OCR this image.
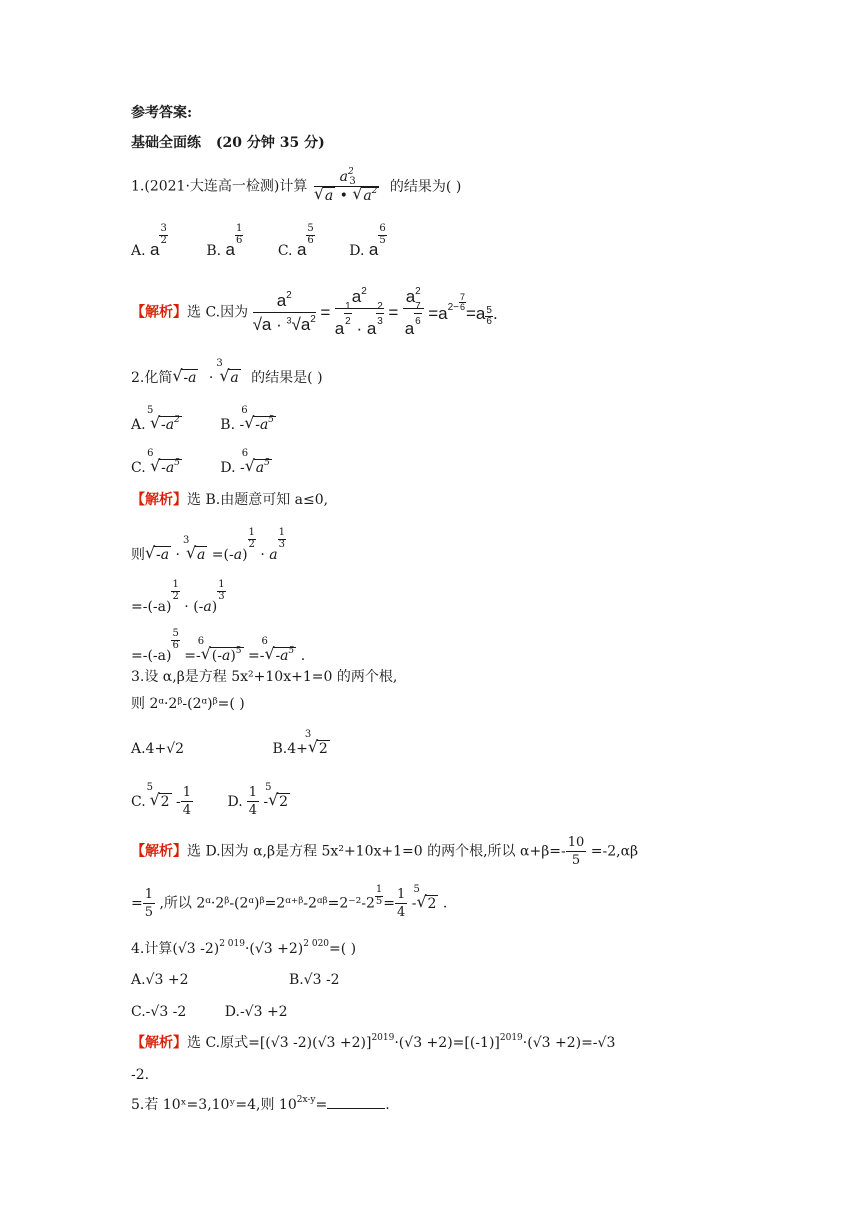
参考答案:
基础全面练 (20 分钟 35 分)
1.(2021·大连高一检测)计算 $a^2$
√ a •
3
√ $a^2$ 的结果为( )
A. a
$\frac{3}{2}$
B. a
$\frac{1}{6}$
C. a
$\frac{5}{6}$
D. a
$\frac{6}{5}$
【解析】选 C.因为 $\frac{a2}{√a \cdot ^3√a2} = a2$
a
$\frac{1}{2}$
· a
$\frac{2}{3} = a2$
a
$\frac{7}{6} =a2- \frac{7}{6}$
$=a \frac{5}{6}$ .
2.化简 √ -a ·
3
√ a 的结果是( )
A.
5
√ $-a^2$	B. -
6
√ $-a^5$
C.
6
√ $-a^5$	D. -
6
√ $a^5$
【解析】选 B.由题意可知 a≤0,
则 √ -a ·
3
√ a =(-a)
$\frac{1}{2}$
· a
$\frac{1}{3}$
=-(-a)
$\frac{1}{2}$
· (-a)
$\frac{1}{3}$
=-(-a)
$\frac{5}{6}$
=-
6
√ $(-a)^5$ =-
6
√ $-a^5$ .
3.设 α,β是方程 5x²+10x+1=0 的两个根,
则 2ᵅ·2ᵝ-(2ᵅ)ᵝ=( )
A.4+√2	B.4+
3
√ 2
C.
5
√ $2 - \frac{1}{4} D$. $\frac{1}{4}$ -
5
√ 2
【解析】选 D.因为 α,β是方程 5x²+10x+1=0 的两个根,所以 $\alpha+\beta=- \frac{10}{5} =-2,\alpha\beta$
= $\frac{1}{5}$ ,所以 2ᵅ·2ᵝ-(2ᵅ)ᵝ=2ᵅ⁺ᵝ-2ᵅᵝ=2⁻²-2 $\frac{1}{5} = \frac{1}{4}$ -
5
√ 2 .
4.计算(√3 $-2)^{2 019}\cdot(√3 +2)^{2 020}=$( )
A.√3 +2	B.√3 -2
C.-√3 -2	D.-√3 +2
【解析】选 C.原式=[(√3 $-2)(√3 +2)]^{2019}\cdot(√3 +2)=[(-1)]^{2019}\cdot(√3 +2)=-√3$
-2.
5.若 10ˣ=3,10ʸ=4,则 $10^{2x-y}=$	.
